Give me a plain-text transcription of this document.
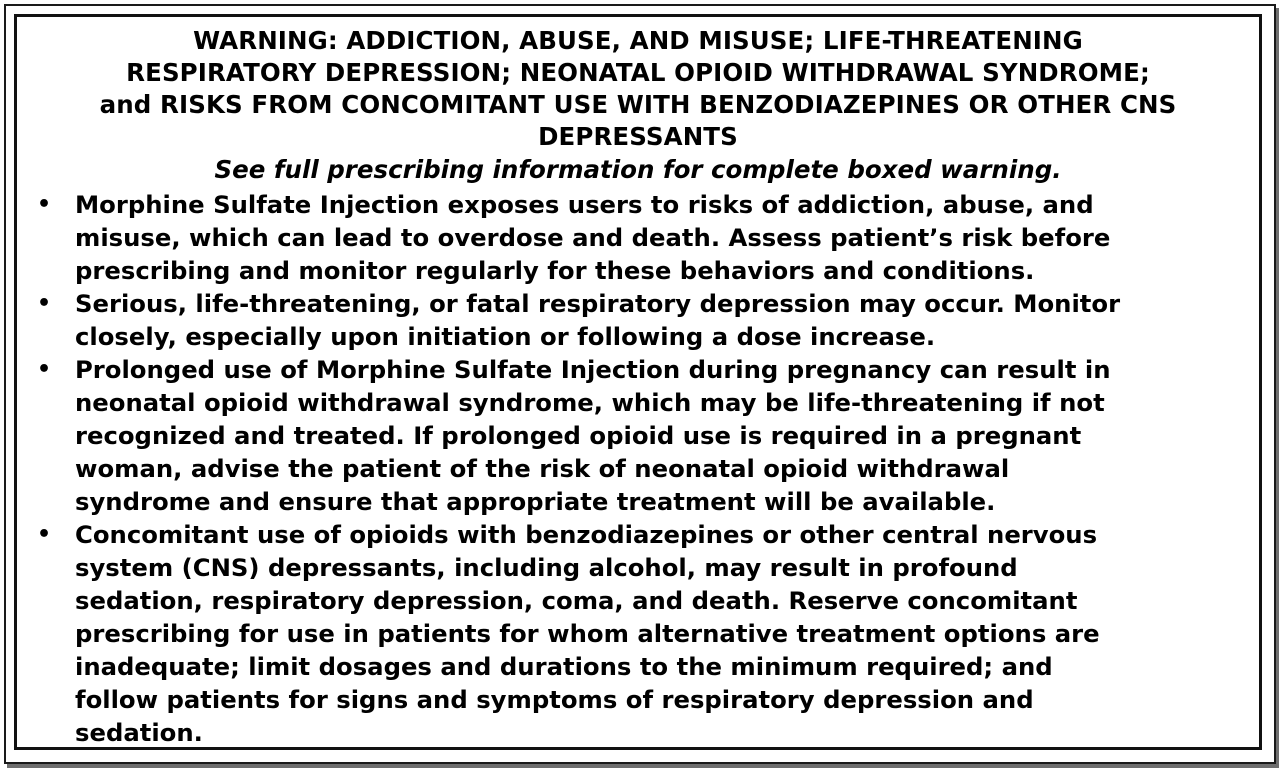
WARNING: ADDICTION, ABUSE, AND MISUSE; LIFE-THREATENING
RESPIRATORY DEPRESSION; NEONATAL OPIOID WITHDRAWAL SYNDROME;
and RISKS FROM CONCOMITANT USE WITH BENZODIAZEPINES OR OTHER CNS
DEPRESSANTS

See full prescribing information for complete boxed warning.

• Morphine Sulfate Injection exposes users to risks of addiction, abuse, and
misuse, which can lead to overdose and death. Assess patient’s risk before
prescribing and monitor regularly for these behaviors and conditions.
• Serious, life-threatening, or fatal respiratory depression may occur. Monitor
closely, especially upon initiation or following a dose increase.
• Prolonged use of Morphine Sulfate Injection during pregnancy can result in
neonatal opioid withdrawal syndrome, which may be life-threatening if not
recognized and treated. If prolonged opioid use is required in a pregnant
woman, advise the patient of the risk of neonatal opioid withdrawal
syndrome and ensure that appropriate treatment will be available.
• Concomitant use of opioids with benzodiazepines or other central nervous
system (CNS) depressants, including alcohol, may result in profound
sedation, respiratory depression, coma, and death. Reserve concomitant
prescribing for use in patients for whom alternative treatment options are
inadequate; limit dosages and durations to the minimum required; and
follow patients for signs and symptoms of respiratory depression and
sedation.
